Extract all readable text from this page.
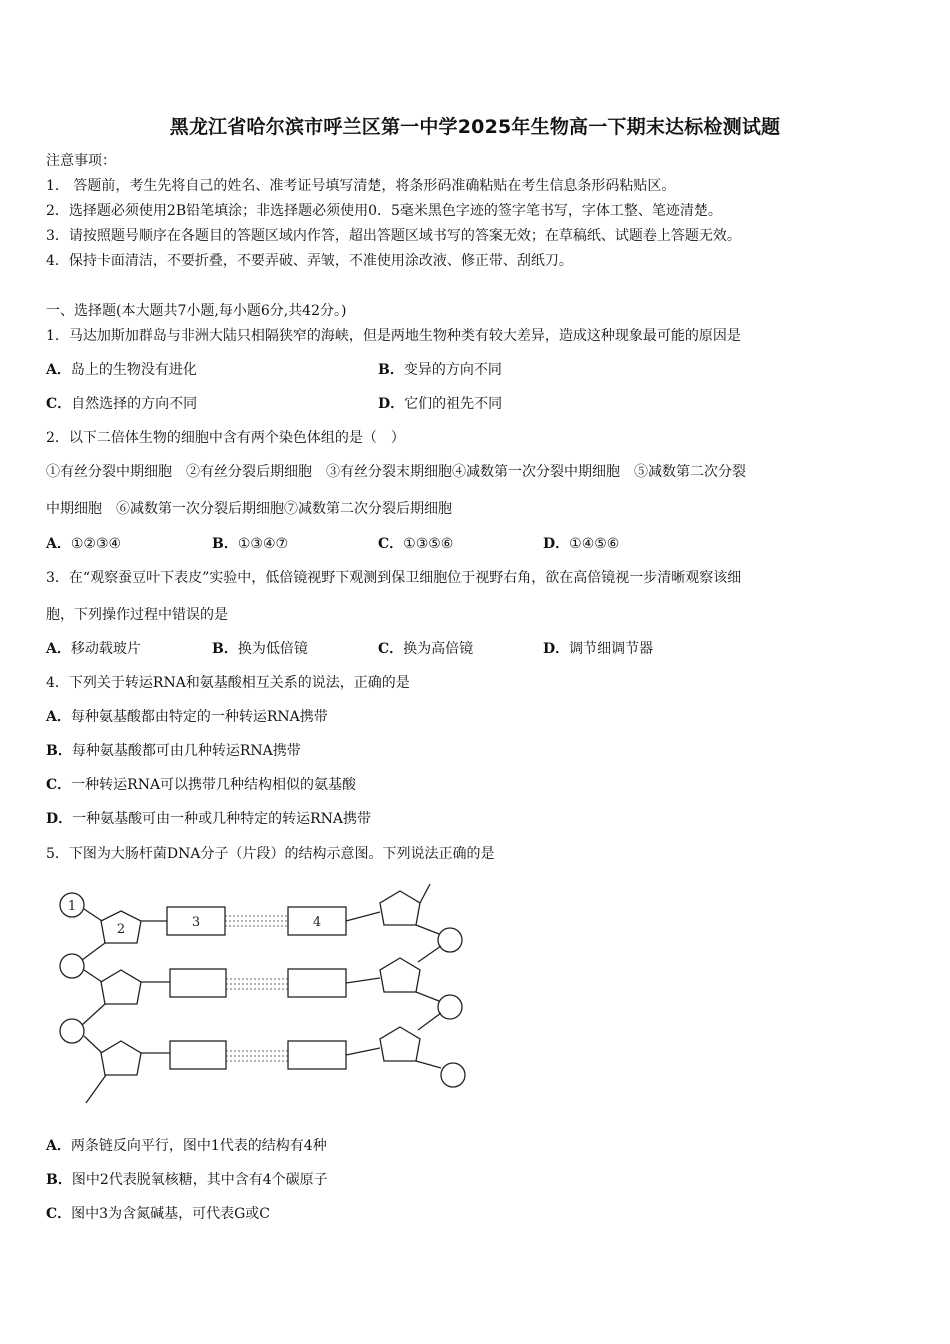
黑龙江省哈尔滨市呼兰区第一中学2025年生物高一下期末达标检测试题
注意事项：
1． 答题前，考生先将自己的姓名、准考证号填写清楚，将条形码准确粘贴在考生信息条形码粘贴区。
2．选择题必须使用2B铅笔填涂；非选择题必须使用0．5毫米黑色字迹的签字笔书写，字体工整、笔迹清楚。
3．请按照题号顺序在各题目的答题区域内作答，超出答题区域书写的答案无效；在草稿纸、试题卷上答题无效。
4．保持卡面清洁，不要折叠，不要弄破、弄皱，不准使用涂改液、修正带、刮纸刀。
一、选择题(本大题共7小题,每小题6分,共42分。)
1．马达加斯加群岛与非洲大陆只相隔狭窄的海峡，但是两地生物种类有较大差异，造成这种现象最可能的原因是
A．岛上的生物没有进化	B．变异的方向不同
C．自然选择的方向不同	D．它们的祖先不同
2．以下二倍体生物的细胞中含有两个染色体组的是（　）
①有丝分裂中期细胞　②有丝分裂后期细胞　③有丝分裂末期细胞④减数第一次分裂中期细胞　⑤减数第二次分裂
中期细胞　⑥减数第一次分裂后期细胞⑦减数第二次分裂后期细胞
A．①②③④	B．①③④⑦	C．①③⑤⑥	D．①④⑤⑥
3．在“观察蚕豆叶下表皮”实验中，低倍镜视野下观测到保卫细胞位于视野右角，欲在高倍镜视一步清晰观察该细
胞，下列操作过程中错误的是
A．移动载玻片	B．换为低倍镜	C．换为高倍镜	D．调节细调节器
4．下列关于转运RNA和氨基酸相互关系的说法，正确的是
A．每种氨基酸都由特定的一种转运RNA携带
B．每种氨基酸都可由几种转运RNA携带
C．一种转运RNA可以携带几种结构相似的氨基酸
D．一种氨基酸可由一种或几种特定的转运RNA携带
5．下图为大肠杆菌DNA分子（片段）的结构示意图。下列说法正确的是
1
2	3	4
A．两条链反向平行，图中1代表的结构有4种
B．图中2代表脱氧核糖，其中含有4个碳原子
C．图中3为含氮碱基，可代表G或C
